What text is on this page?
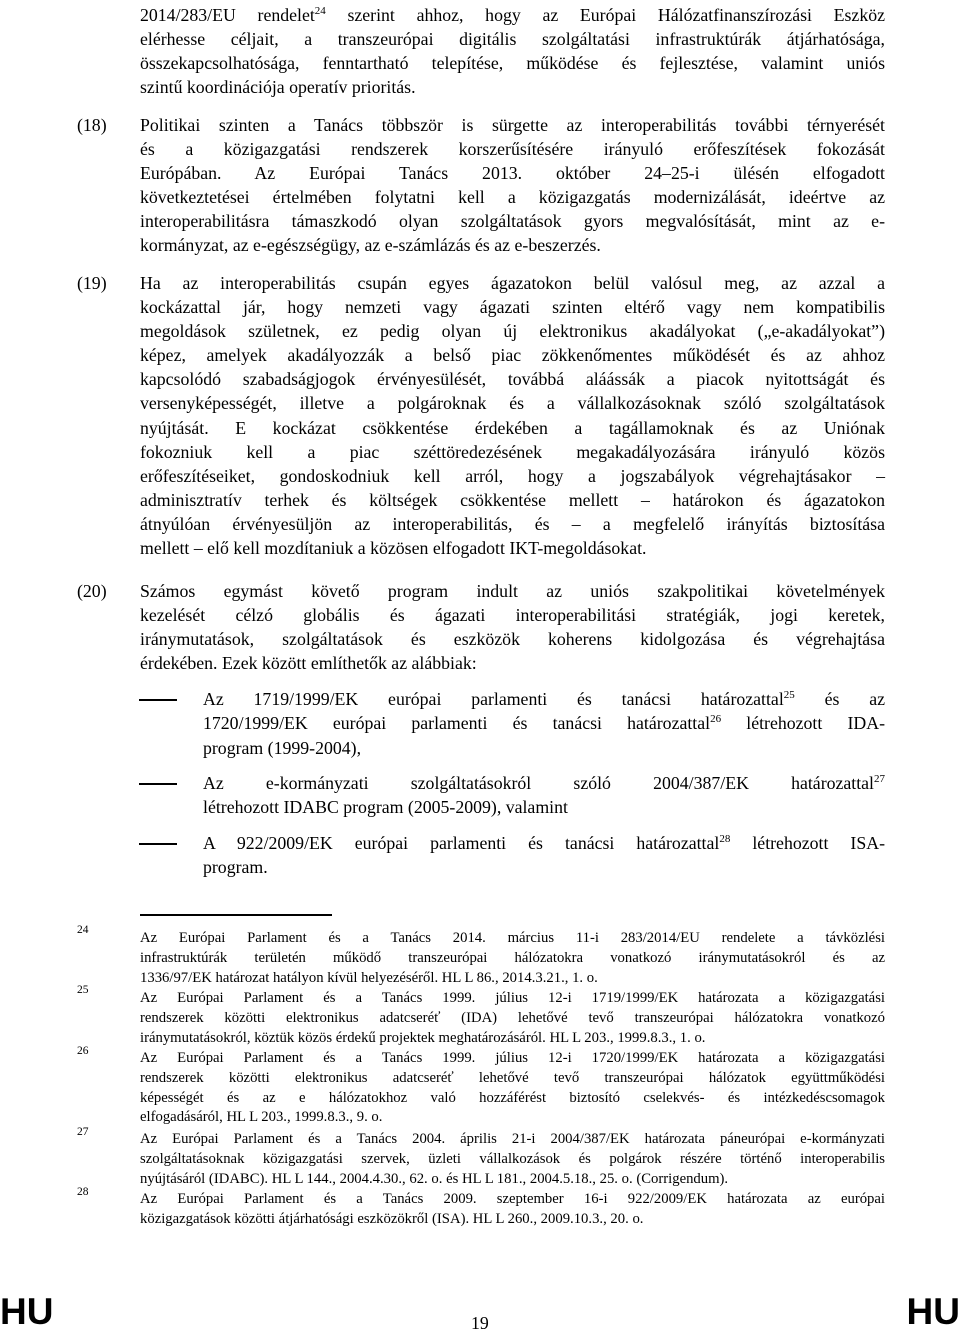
2014/283/EU rendelet$^{24}$ szerint ahhoz, hogy az Európai Hálózatfinanszírozási Eszköz
elérhesse céljait, a transzeurópai digitális szolgáltatási infrastruktúrák átjárhatósága,
összekapcsolhatósága, fenntartható telepítése, működése és fejlesztése, valamint uniós
szintű koordinációja operatív prioritás.
(18) Politikai szinten a Tanács többször is sürgette az interoperabilitás további térnyerését
és a közigazgatási rendszerek korszerűsítésére irányuló erőfeszítések fokozását
Európában. Az Európai Tanács 2013. október 24–25-i ülésén elfogadott
következtetései értelmében folytatni kell a közigazgatás modernizálását, ideértve az
interoperabilitásra támaszkodó olyan szolgáltatások gyors megvalósítását, mint az e-
kormányzat, az e-egészségügy, az e-számlázás és az e-beszerzés.
(19) Ha az interoperabilitás csupán egyes ágazatokon belül valósul meg, az azzal a
kockázattal jár, hogy nemzeti vagy ágazati szinten eltérő vagy nem kompatibilis
megoldások születnek, ez pedig olyan új elektronikus akadályokat („e-akadályokat”)
képez, amelyek akadályozzák a belső piac zökkenőmentes működését és az ahhoz
kapcsolódó szabadságjogok érvényesülését, továbbá aláássák a piacok nyitottságát és
versenyképességét, illetve a polgároknak és a vállalkozásoknak szóló szolgáltatások
nyújtását. E kockázat csökkentése érdekében a tagállamoknak és az Uniónak
fokozniuk kell a piac széttöredezésének megakadályozására irányuló közös
erőfeszítéseiket, gondoskodniuk kell arról, hogy a jogszabályok végrehajtásakor –
adminisztratív terhek és költségek csökkentése mellett – határokon és ágazatokon
átnyúlóan érvényesüljön az interoperabilitás, és – a megfelelő irányítás biztosítása
mellett – elő kell mozdítaniuk a közösen elfogadott IKT-megoldásokat.
(20) Számos egymást követő program indult az uniós szakpolitikai követelmények
kezelését célzó globális és ágazati interoperabilitási stratégiák, jogi keretek,
iránymutatások, szolgáltatások és eszközök koherens kidolgozása és végrehajtása
érdekében. Ezek között említhetők az alábbiak:
Az 1719/1999/EK európai parlamenti és tanácsi határozattal$^{25}$ és az
1720/1999/EK európai parlamenti és tanácsi határozattal$^{26}$ létrehozott IDA-
program (1999-2004),
Az e-kormányzati szolgáltatásokról szóló 2004/387/EK határozattal$^{27}$
létrehozott IDABC program (2005-2009), valamint
A 922/2009/EK európai parlamenti és tanácsi határozattal$^{28}$ létrehozott ISA-
program.
24	Az Európai Parlament és a Tanács 2014. március 11-i 283/2014/EU rendelete a távközlési
infrastruktúrák területén működő transzeurópai hálózatokra vonatkozó iránymutatásokról és az
1336/97/EK határozat hatályon kívül helyezéséről. HL L 86., 2014.3.21., 1. o.
25	Az Európai Parlament és a Tanács 1999. július 12-i 1719/1999/EK határozata a közigazgatási
rendszerek közötti elektronikus adatcseréť (IDA) lehetővé tevő transzeurópai hálózatokra vonatkozó
iránymutatásokról, köztük közös érdekű projektek meghatározásáról. HL L 203., 1999.8.3., 1. o.
26	Az Európai Parlament és a Tanács 1999. július 12-i 1720/1999/EK határozata a közigazgatási
rendszerek közötti elektronikus adatcseréť lehetővé tevő transzeurópai hálózatok együttműködési
képességét és az e hálózatokhoz való hozzáférést biztosító cselekvés- és intézkedéscsomagok
elfogadásáról, HL L 203., 1999.8.3., 9. o.
27	Az Európai Parlament és a Tanács 2004. április 21-i 2004/387/EK határozata páneurópai e-kormányzati
szolgáltatásoknak közigazgatási szervek, üzleti vállalkozások és polgárok részére történő interoperabilis
nyújtásáról (IDABC). HL L 144., 2004.4.30., 62. o. és HL L 181., 2004.5.18., 25. o. (Corrigendum).
28	Az Európai Parlament és a Tanács 2009. szeptember 16-i 922/2009/EK határozata az európai
közigazgatások közötti átjárhatósági eszközökről (ISA). HL L 260., 2009.10.3., 20. o.
HU	19	HU
